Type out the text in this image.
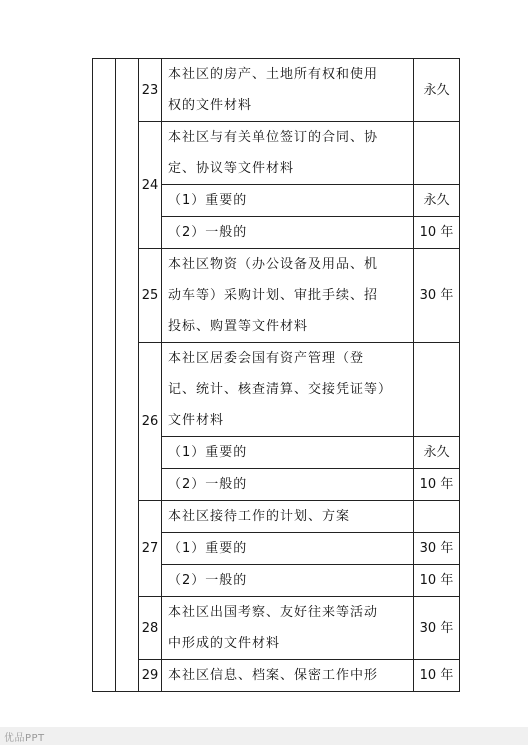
		23	本社区的房产、土地所有权和使用
权的文件材料	永久
		24	本社区与有关单位签订的合同、协
定、协议等文件材料	

			（1）重要的	永久
			（2）一般的	10 年
		25	本社区物资（办公设备及用品、机
动车等）采购计划、审批手续、招
投标、购置等文件材料	30 年
		26	本社区居委会国有资产管理（登
记、统计、核查清算、交接凭证等）
文件材料	

			（1）重要的	永久
			（2）一般的	10 年
		27	本社区接待工作的计划、方案	

			（1）重要的	30 年
			（2）一般的	10 年
		28	本社区出国考察、友好往来等活动
中形成的文件材料	30 年
		29	本社区信息、档案、保密工作中形	10 年
优品PPT
